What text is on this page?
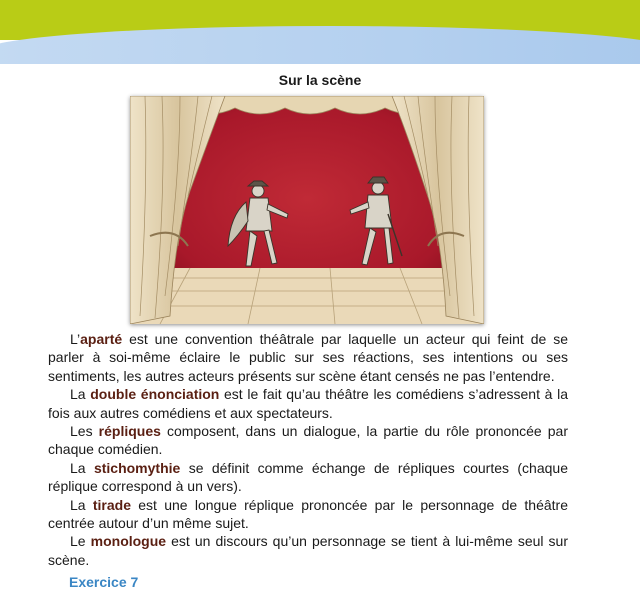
Sur la scène

L’aparté est une convention théâtrale par laquelle un acteur qui feint de se parler à soi-même éclaire le public sur ses réactions, ses intentions ou ses sentiments, les autres acteurs présents sur scène étant censés ne pas l’entendre.

La double énonciation est le fait qu’au théâtre les comédiens s’adressent à la fois aux autres comédiens et aux spectateurs.

Les répliques composent, dans un dialogue, la partie du rôle prononcée par chaque comédien.

La stichomythie se définit comme échange de répliques courtes (chaque réplique correspond à un vers).

La tirade est une longue réplique prononcée par le personnage de théâtre centrée autour d’un même sujet.

Le monologue est un discours qu’un personnage se tient à lui-même seul sur scène.

Exercice 7
